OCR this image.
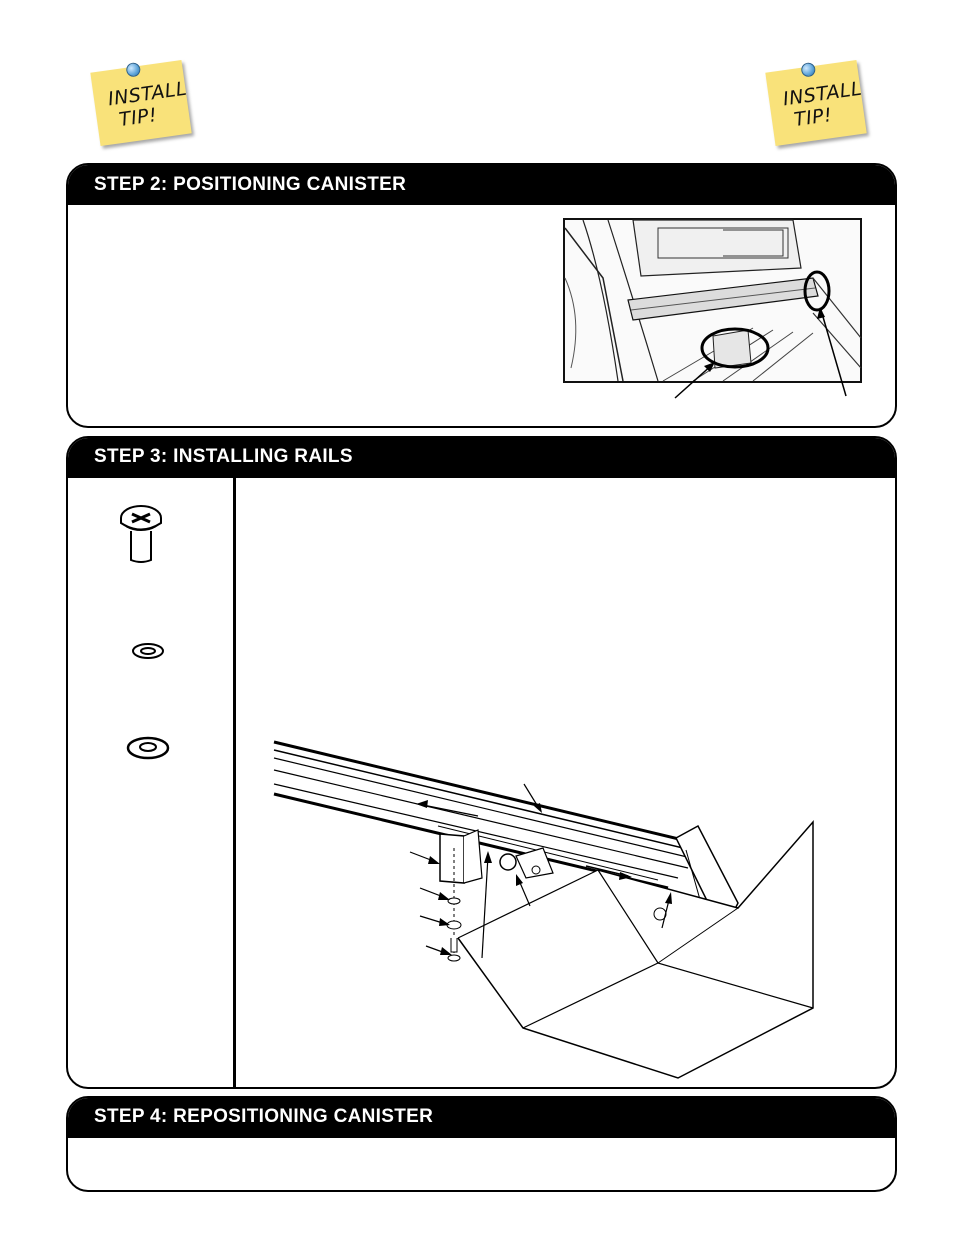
INSTALL
TIP!
INSTALL
TIP!
STEP 2: POSITIONING CANISTER
STEP 3: INSTALLING RAILS
STEP 4: REPOSITIONING CANISTER
